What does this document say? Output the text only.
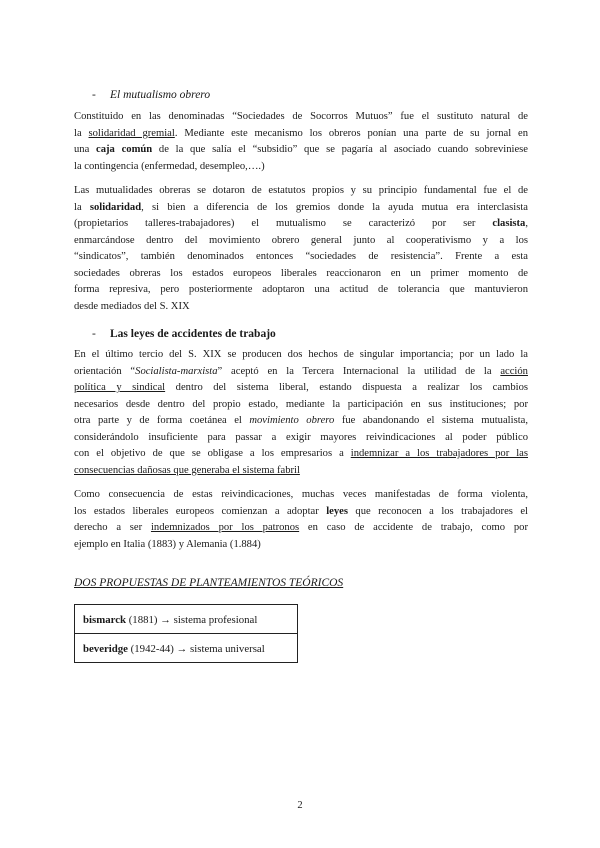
- El mutualismo obrero
Constituido en las denominadas “Sociedades de Socorros Mutuos” fue el sustituto natural de
la solidaridad gremial. Mediante este mecanismo los obreros ponían una parte de su jornal en
una caja común de la que salía el “subsidio” que se pagaría al asociado cuando sobreviniese
la contingencia (enfermedad, desempleo,….)
Las mutualidades obreras se dotaron de estatutos propios y su principio fundamental fue el de
la solidaridad, si bien a diferencia de los gremios donde la ayuda mutua era interclasista
(propietarios talleres-trabajadores) el mutualismo se caracterizó por ser clasista,
enmarcándose dentro del movimiento obrero general junto al cooperativismo y a los
“sindicatos”, también denominados entonces “sociedades de resistencia”. Frente a esta
sociedades obreras los estados europeos liberales reaccionaron en un primer momento de
forma represiva, pero posteriormente adoptaron una actitud de tolerancia que mantuvieron
desde mediados del S. XIX
- Las leyes de accidentes de trabajo
En el último tercio del S. XIX se producen dos hechos de singular importancia; por un lado la
orientación “Socialista-marxista” aceptó en la Tercera Internacional la utilidad de la acción
política y sindical dentro del sistema liberal, estando dispuesta a realizar los cambios
necesarios desde dentro del propio estado, mediante la participación en sus instituciones; por
otra parte y de forma coetánea el movimiento obrero fue abandonando el sistema mutualista,
considerándolo insuficiente para passar a exigir mayores reivindicaciones al poder público
con el objetivo de que se obligase a los empresarios a indemnizar a los trabajadores por las
consecuencias dañosas que generaba el sistema fabril
Como consecuencia de estas reivindicaciones, muchas veces manifestadas de forma violenta,
los estados liberales europeos comienzan a adoptar leyes que reconocen a los trabajadores el
derecho a ser indemnizados por los patronos en caso de accidente de trabajo, como por
ejemplo en Italia (1883) y Alemania (1.884)
DOS PROPUESTAS DE PLANTEAMIENTOS TEÓRICOS
bismarck (1881) → sistema profesional
beveridge (1942-44) → sistema universal
2
